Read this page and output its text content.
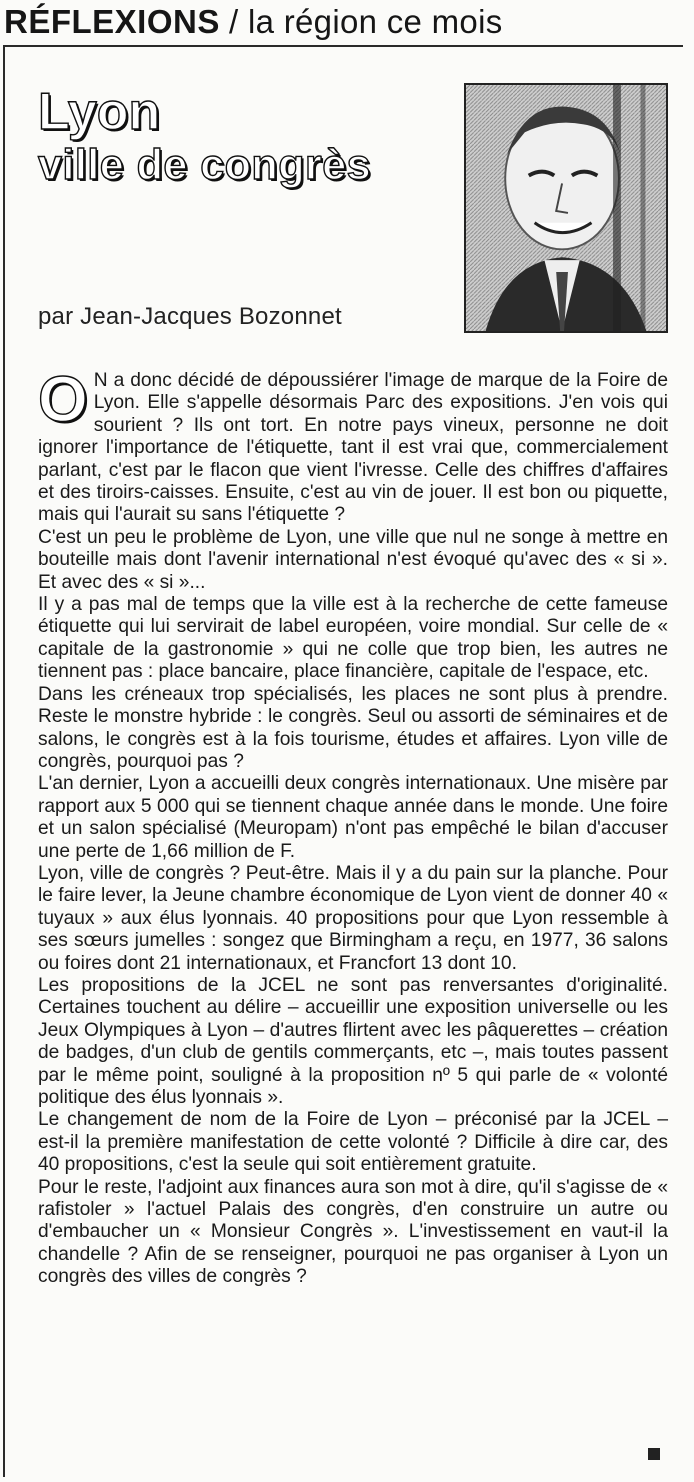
RÉFLEXIONS / la région ce mois
Lyon
ville de congrès
par Jean-Jacques Bozonnet

O N a donc décidé de dépoussiérer l'image de marque de la Foire de Lyon. Elle s'appelle désormais Parc des expositions. J'en vois qui sourient ? Ils ont tort. En notre pays vineux, personne ne doit ignorer l'importance de l'étiquette, tant il est vrai que, commercialement parlant, c'est par le flacon que vient l'ivresse. Celle des chiffres d'affaires et des tiroirs-caisses. Ensuite, c'est au vin de jouer. Il est bon ou piquette, mais qui l'aurait su sans l'étiquette ?

C'est un peu le problème de Lyon, une ville que nul ne songe à mettre en bouteille mais dont l'avenir international n'est évoqué qu'avec des « si ». Et avec des « si »...

Il y a pas mal de temps que la ville est à la recherche de cette fameuse étiquette qui lui servirait de label européen, voire mondial. Sur celle de « capitale de la gastronomie » qui ne colle que trop bien, les autres ne tiennent pas : place bancaire, place financière, capitale de l'espace, etc.

Dans les créneaux trop spécialisés, les places ne sont plus à prendre. Reste le monstre hybride : le congrès. Seul ou assorti de séminaires et de salons, le congrès est à la fois tourisme, études et affaires. Lyon ville de congrès, pourquoi pas ?

L'an dernier, Lyon a accueilli deux congrès internationaux. Une misère par rapport aux 5 000 qui se tiennent chaque année dans le monde. Une foire et un salon spécialisé (Meuropam) n'ont pas empêché le bilan d'accuser une perte de 1,66 million de F.

Lyon, ville de congrès ? Peut-être. Mais il y a du pain sur la planche. Pour le faire lever, la Jeune chambre économique de Lyon vient de donner 40 « tuyaux » aux élus lyonnais. 40 propositions pour que Lyon ressemble à ses sœurs jumelles : songez que Birmingham a reçu, en 1977, 36 salons ou foires dont 21 internationaux, et Francfort 13 dont 10.

Les propositions de la JCEL ne sont pas renversantes d'originalité. Certaines touchent au délire – accueillir une exposition universelle ou les Jeux Olympiques à Lyon – d'autres flirtent avec les pâquerettes – création de badges, d'un club de gentils commerçants, etc –, mais toutes passent par le même point, souligné à la proposition nº 5 qui parle de « volonté politique des élus lyonnais ».

Le changement de nom de la Foire de Lyon – préconisé par la JCEL – est-il la première manifestation de cette volonté ? Difficile à dire car, des 40 propositions, c'est la seule qui soit entièrement gratuite.

Pour le reste, l'adjoint aux finances aura son mot à dire, qu'il s'agisse de « rafistoler » l'actuel Palais des congrès, d'en construire un autre ou d'embaucher un « Monsieur Congrès ». L'investissement en vaut-il la chandelle ? Afin de se renseigner, pourquoi ne pas organiser à Lyon un congrès des villes de congrès ?
